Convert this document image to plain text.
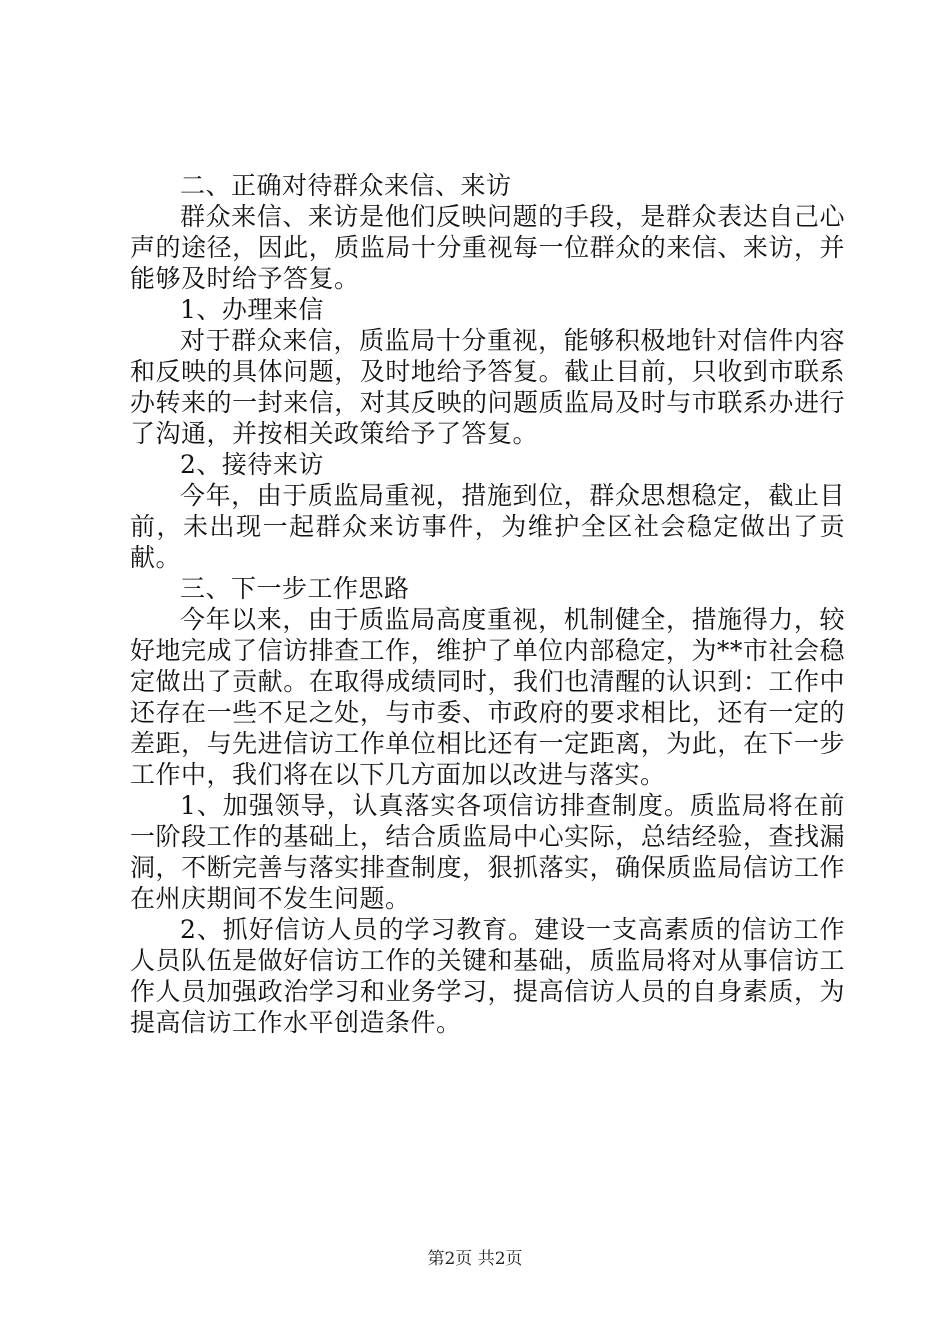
二、正确对待群众来信、来访

群众来信、来访是他们反映问题的手段，是群众表达自己心声的途径，因此，质监局十分重视每一位群众的来信、来访，并能够及时给予答复。

1、办理来信

对于群众来信，质监局十分重视，能够积极地针对信件内容和反映的具体问题，及时地给予答复。截止目前，只收到市联系办转来的一封来信，对其反映的问题质监局及时与市联系办进行了沟通，并按相关政策给予了答复。

2、接待来访

今年，由于质监局重视，措施到位，群众思想稳定，截止目前，未出现一起群众来访事件，为维护全区社会稳定做出了贡献。

三、下一步工作思路

今年以来，由于质监局高度重视，机制健全，措施得力，较好地完成了信访排查工作，维护了单位内部稳定，为**市社会稳定做出了贡献。在取得成绩同时，我们也清醒的认识到：工作中还存在一些不足之处，与市委、市政府的要求相比，还有一定的差距，与先进信访工作单位相比还有一定距离，为此，在下一步工作中，我们将在以下几方面加以改进与落实。

1、加强领导，认真落实各项信访排查制度。质监局将在前一阶段工作的基础上，结合质监局中心实际，总结经验，查找漏洞，不断完善与落实排查制度，狠抓落实，确保质监局信访工作在州庆期间不发生问题。

2、抓好信访人员的学习教育。建设一支高素质的信访工作人员队伍是做好信访工作的关键和基础，质监局将对从事信访工作人员加强政治学习和业务学习，提高信访人员的自身素质，为提高信访工作水平创造条件。

第2页 共2页
